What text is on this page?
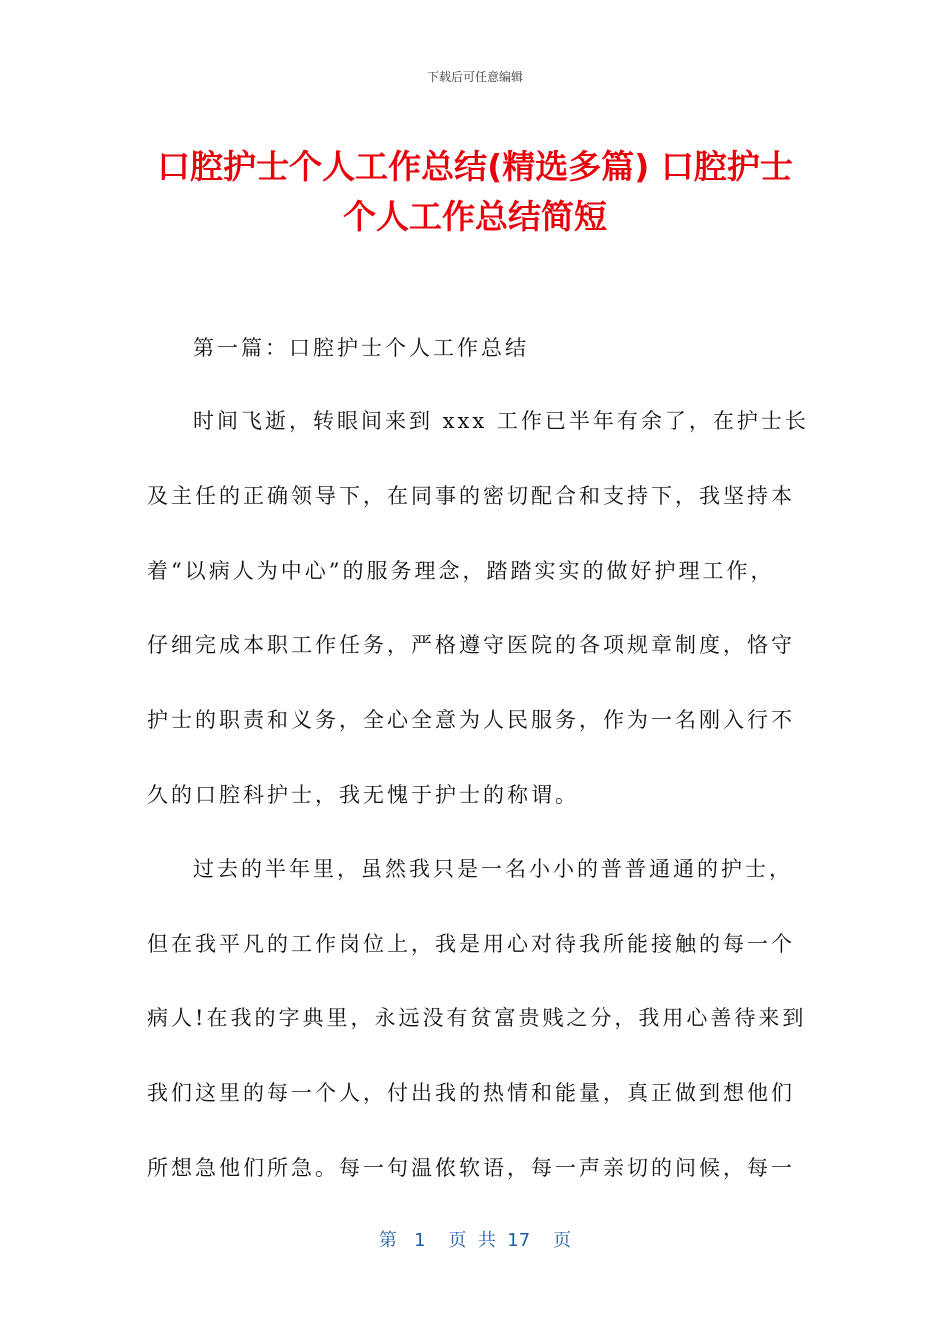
下载后可任意编辑
口腔护士个人工作总结(精选多篇) 口腔护士
个人工作总结简短
第一篇：口腔护士个人工作总结
时间飞逝，转眼间来到 xxx 工作已半年有余了，在护士长
及主任的正确领导下，在同事的密切配合和支持下，我坚持本
着“以病人为中心”的服务理念，踏踏实实的做好护理工作，
仔细完成本职工作任务，严格遵守医院的各项规章制度，恪守
护士的职责和义务，全心全意为人民服务，作为一名刚入行不
久的口腔科护士，我无愧于护士的称谓。
过去的半年里，虽然我只是一名小小的普普通通的护士，
但在我平凡的工作岗位上，我是用心对待我所能接触的每一个
病人!在我的字典里，永远没有贫富贵贱之分，我用心善待来到
我们这里的每一个人，付出我的热情和能量，真正做到想他们
所想急他们所急。每一句温侬软语，每一声亲切的问候，每一
第   1    页  共  17    页
